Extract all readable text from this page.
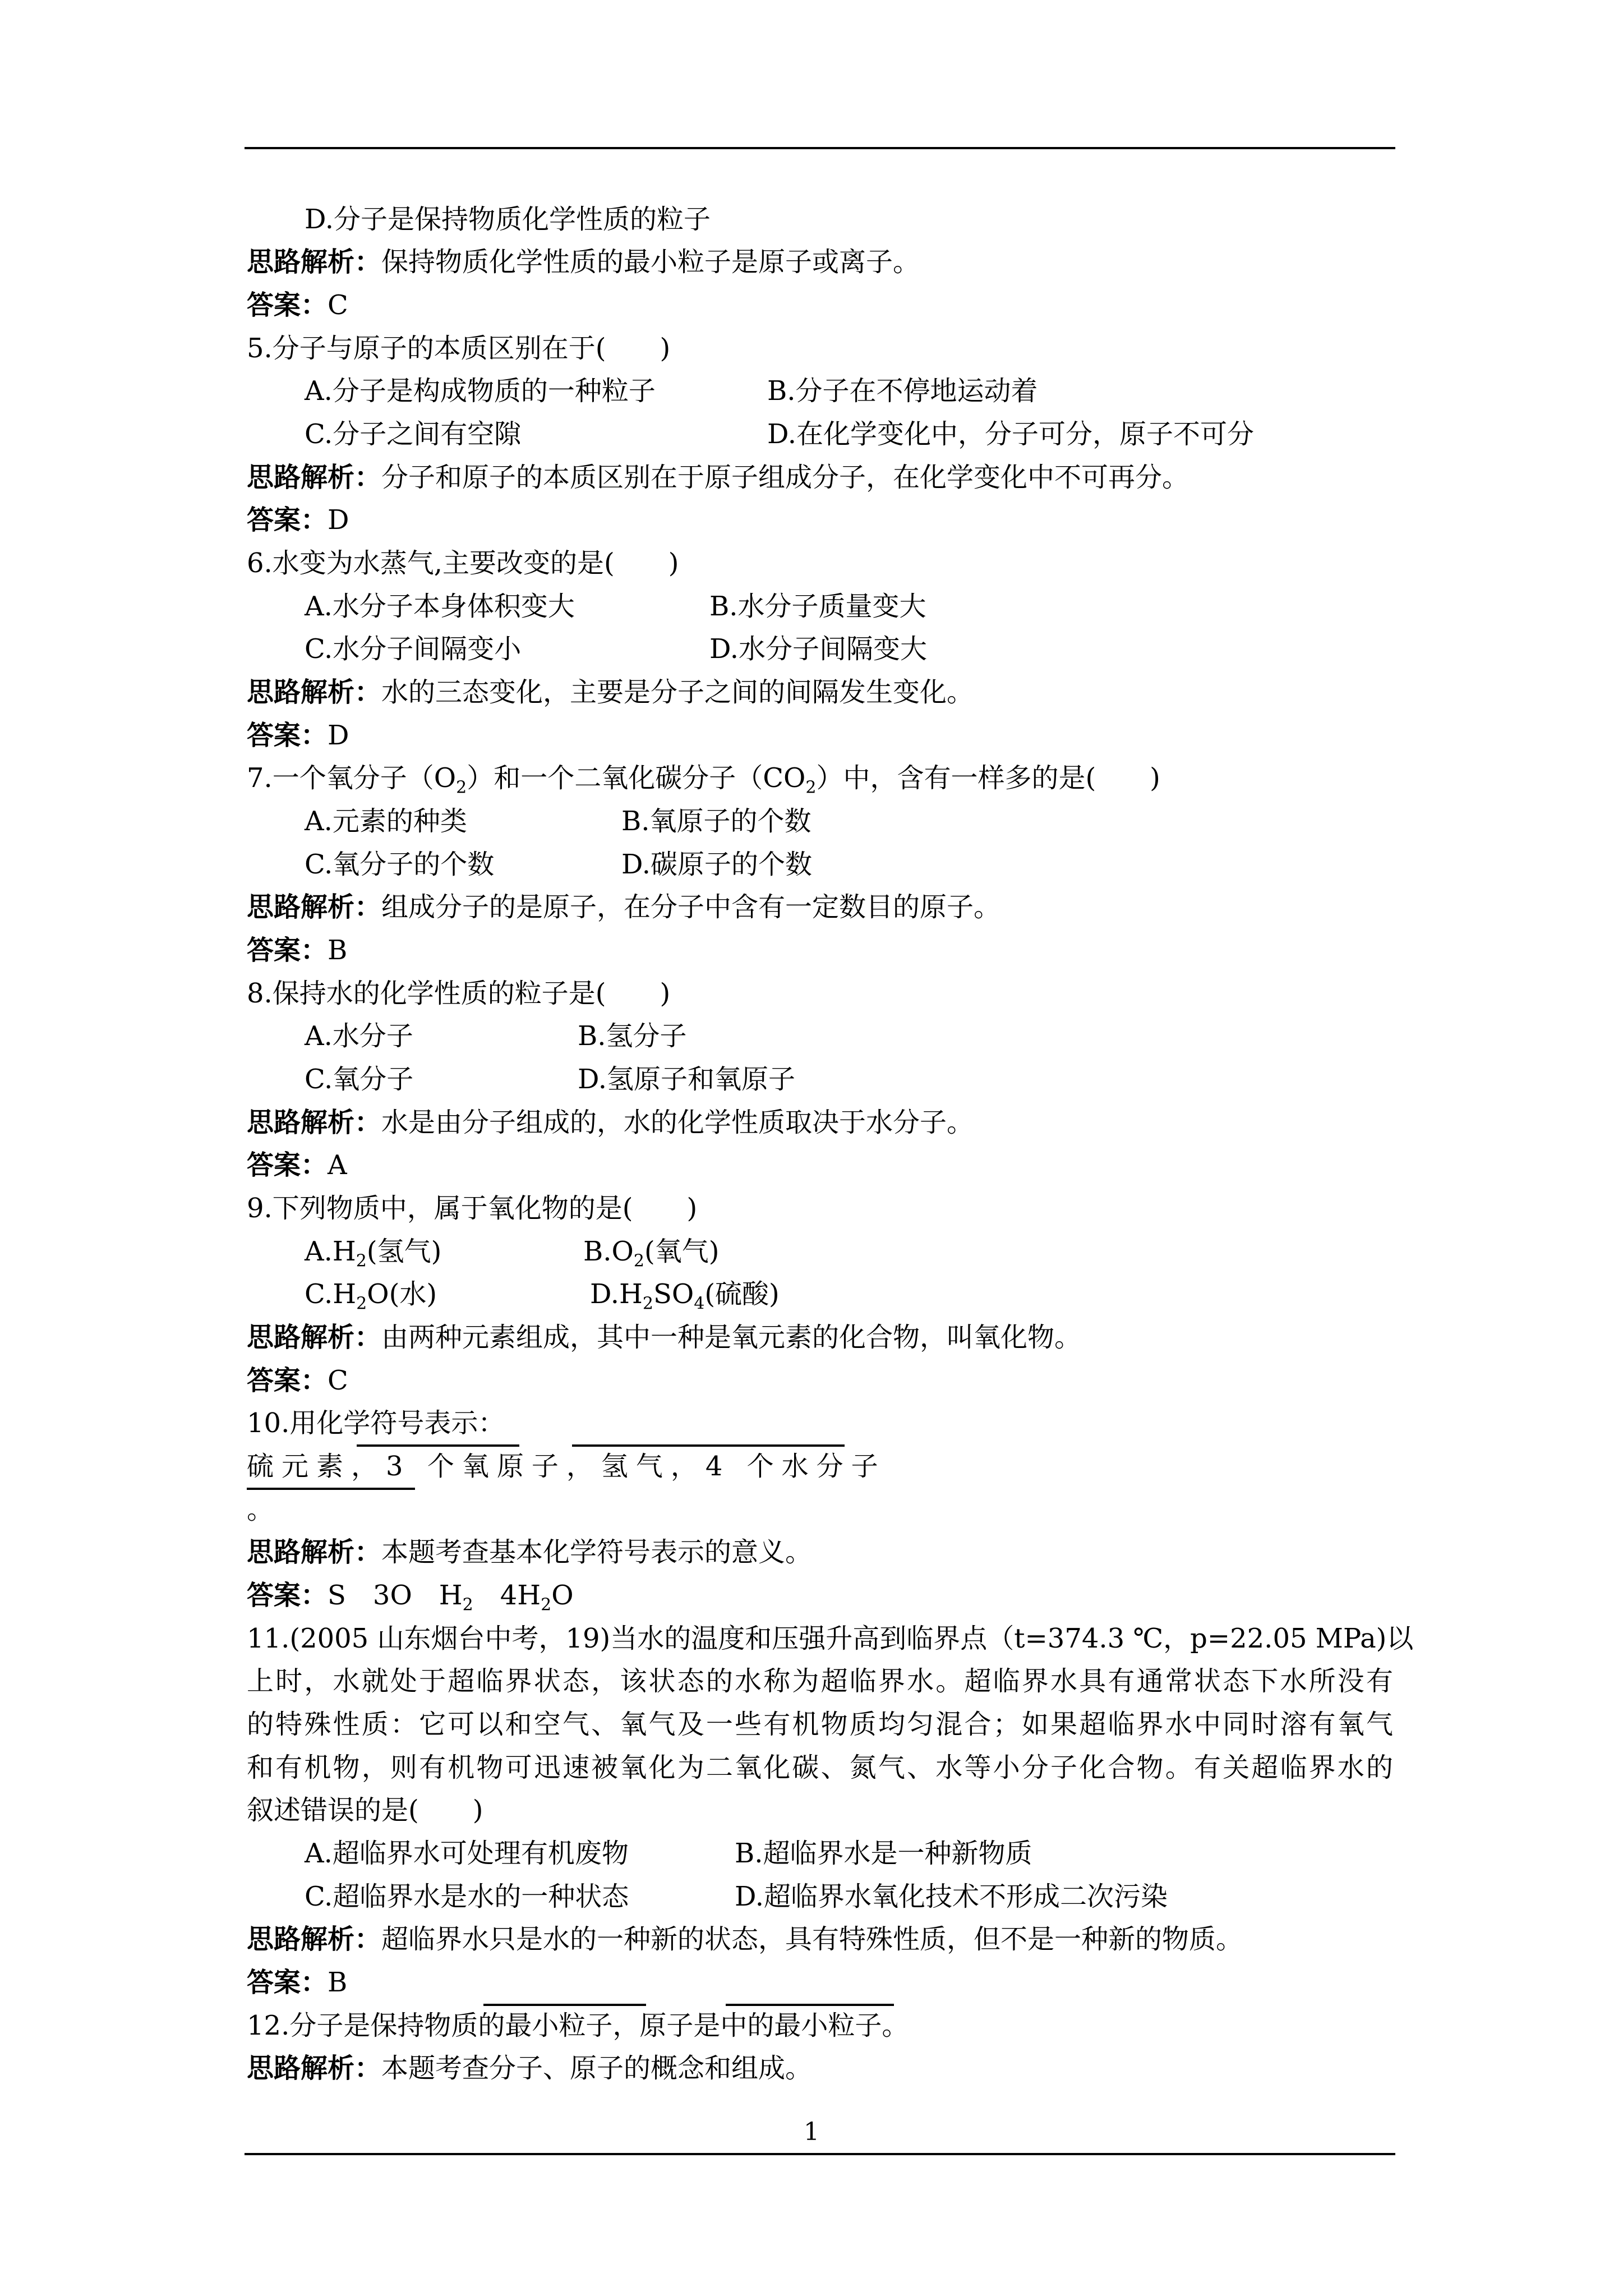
D.分子是保持物质化学性质的粒子
思路解析：保持物质化学性质的最小粒子是原子或离子。
答案：C
5.分子与原子的本质区别在于(　　)
A.分子是构成物质的一种粒子	B.分子在不停地运动着
C.分子之间有空隙	D.在化学变化中，分子可分，原子不可分
思路解析：分子和原子的本质区别在于原子组成分子，在化学变化中不可再分。
答案：D
6.水变为水蒸气,主要改变的是(　　)
A.水分子本身体积变大	B.水分子质量变大
C.水分子间隔变小	D.水分子间隔变大
思路解析：水的三态变化，主要是分子之间的间隔发生变化。
答案：D
7.一个氧分子$(O_2)$和一个二氧化碳分子$(CO_2)$中，含有一样多的是(　　)
A.元素的种类	B.氧原子的个数
C.氧分子的个数	D.碳原子的个数
思路解析：组成分子的是原子，在分子中含有一定数目的原子。
答案：B
8.保持水的化学性质的粒子是(　　)
A.水分子	B.氢分子
C.氧分子	D.氢原子和氧原子
思路解析：水是由分子组成的，水的化学性质取决于水分子。
答案：A
9.下列物质中，属于氧化物的是(　　)
$A.H_2$(氢气)	$B.O_2$(氧气)
$C.H_2O$(水)	$D.H_2SO_4$(硫酸)
思路解析：由两种元素组成，其中一种是氧元素的化合物，叫氧化物。
答案：C
10.用化学符号表示：
硫元素
，3 个氧原子
，氢气
，4 个水分子
。
思路解析：本题考查基本化学符号表示的意义。
答案：S　3O　$H_2$　$4H_2O$
11.(2005 山东烟台中考，19)当水的温度和压强升高到临界点（t=374.3 ℃，p=22.05 MPa)以
上时，水就处于超临界状态，该状态的水称为超临界水。超临界水具有通常状态下水所没有
的特殊性质：它可以和空气、氧气及一些有机物质均匀混合；如果超临界水中同时溶有氧气
和有机物，则有机物可迅速被氧化为二氧化碳、氮气、水等小分子化合物。有关超临界水的
叙述错误的是(　　)
A.超临界水可处理有机废物	B.超临界水是一种新物质
C.超临界水是水的一种状态	D.超临界水氧化技术不形成二次污染
思路解析：超临界水只是水的一种新的状态，具有特殊性质，但不是一种新的物质。
答案：B
12.分子是保持物质
的最小粒子，原子是
中的最小粒子。
思路解析：本题考查分子、原子的概念和组成。
1
